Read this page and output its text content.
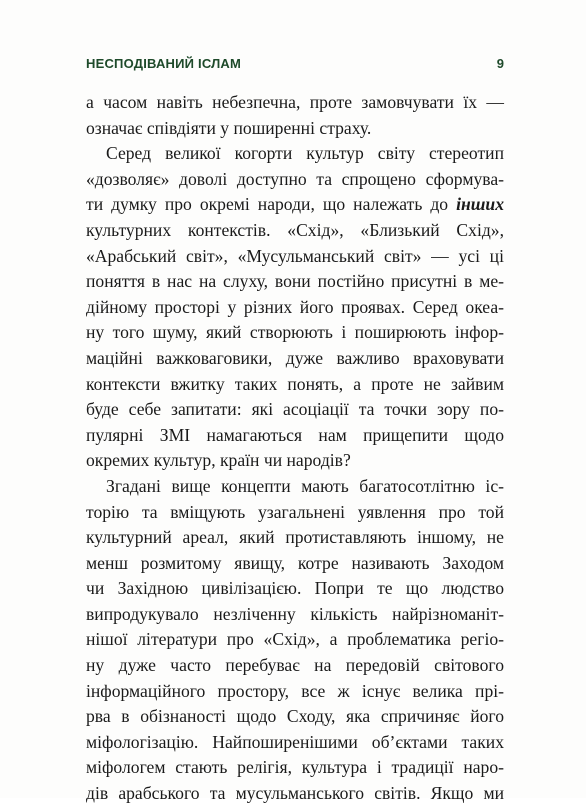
НЕСПОДІВАНИЙ ІСЛАМ	9
а часом навіть небезпечна, проте замовчувати їх —
означає співдіяти у поширенні страху.
Серед великої когорти культур світу стереотип
«дозволяє» доволі доступно та спрощено сформува-
ти думку про окремі народи, що належать до інших
культурних контекстів. «Схід», «Близький Схід»,
«Арабський світ», «Мусульманський світ» — усі ці
поняття в нас на слуху, вони постійно присутні в ме-
дійному просторі у різних його проявах. Серед океа-
ну того шуму, який створюють і поширюють інфор-
маційні важковаговики, дуже важливо враховувати
контексти вжитку таких понять, а проте не зайвим
буде себе запитати: які асоціації та точки зору по-
пулярні ЗМІ намагаються нам прищепити щодо
окремих культур, країн чи народів?
Згадані вище концепти мають багатосотлітню іс-
торію та вміщують узагальнені уявлення про той
культурний ареал, який протиставляють іншому, не
менш розмитому явищу, котре називають Заходом
чи Західною цивілізацією. Попри те що людство
випродукувало незліченну кількість найрізноманіт-
нішої літератури про «Схід», а проблематика регіо-
ну дуже часто перебуває на передовій світового
інформаційного простору, все ж існує велика прі-
рва в обізнаності щодо Сходу, яка спричиняє його
міфологізацію. Найпоширенішими об’єктами таких
міфологем стають релігія, культура і традиції наро-
дів арабського та мусульманського світів. Якщо ми
